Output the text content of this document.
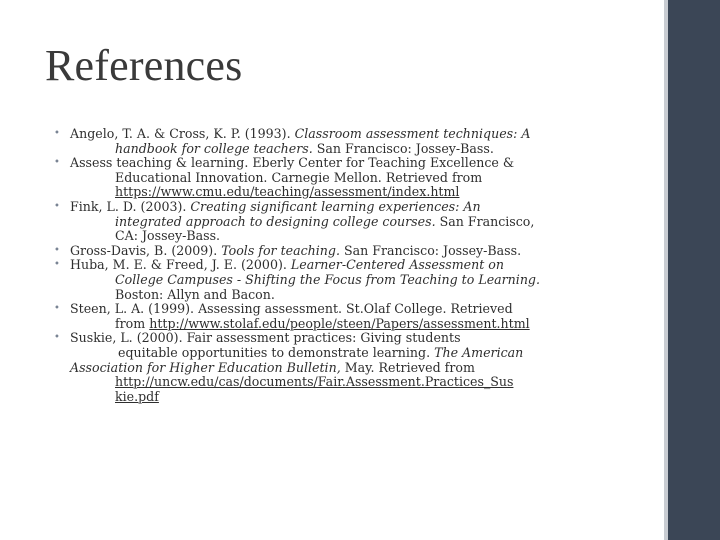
References
• Angelo, T. A. & Cross, K. P. (1993). Classroom assessment techniques: A
handbook for college teachers. San Francisco: Jossey-Bass.
• Assess teaching & learning. Eberly Center for Teaching Excellence &
Educational Innovation. Carnegie Mellon. Retrieved from
https://www.cmu.edu/teaching/assessment/index.html
• Fink, L. D. (2003). Creating significant learning experiences: An
integrated approach to designing college courses. San Francisco,
CA: Jossey-Bass.
• Gross-Davis, B. (2009). Tools for teaching. San Francisco: Jossey-Bass.
• Huba, M. E. & Freed, J. E. (2000). Learner-Centered Assessment on
College Campuses - Shifting the Focus from Teaching to Learning.
Boston: Allyn and Bacon.
• Steen, L. A. (1999). Assessing assessment. St.Olaf College. Retrieved
from http://www.stolaf.edu/people/steen/Papers/assessment.html
• Suskie, L. (2000). Fair assessment practices: Giving students
equitable opportunities to demonstrate learning. The American
Association for Higher Education Bulletin, May. Retrieved from
http://uncw.edu/cas/documents/Fair.Assessment.Practices_Sus
kie.pdf
